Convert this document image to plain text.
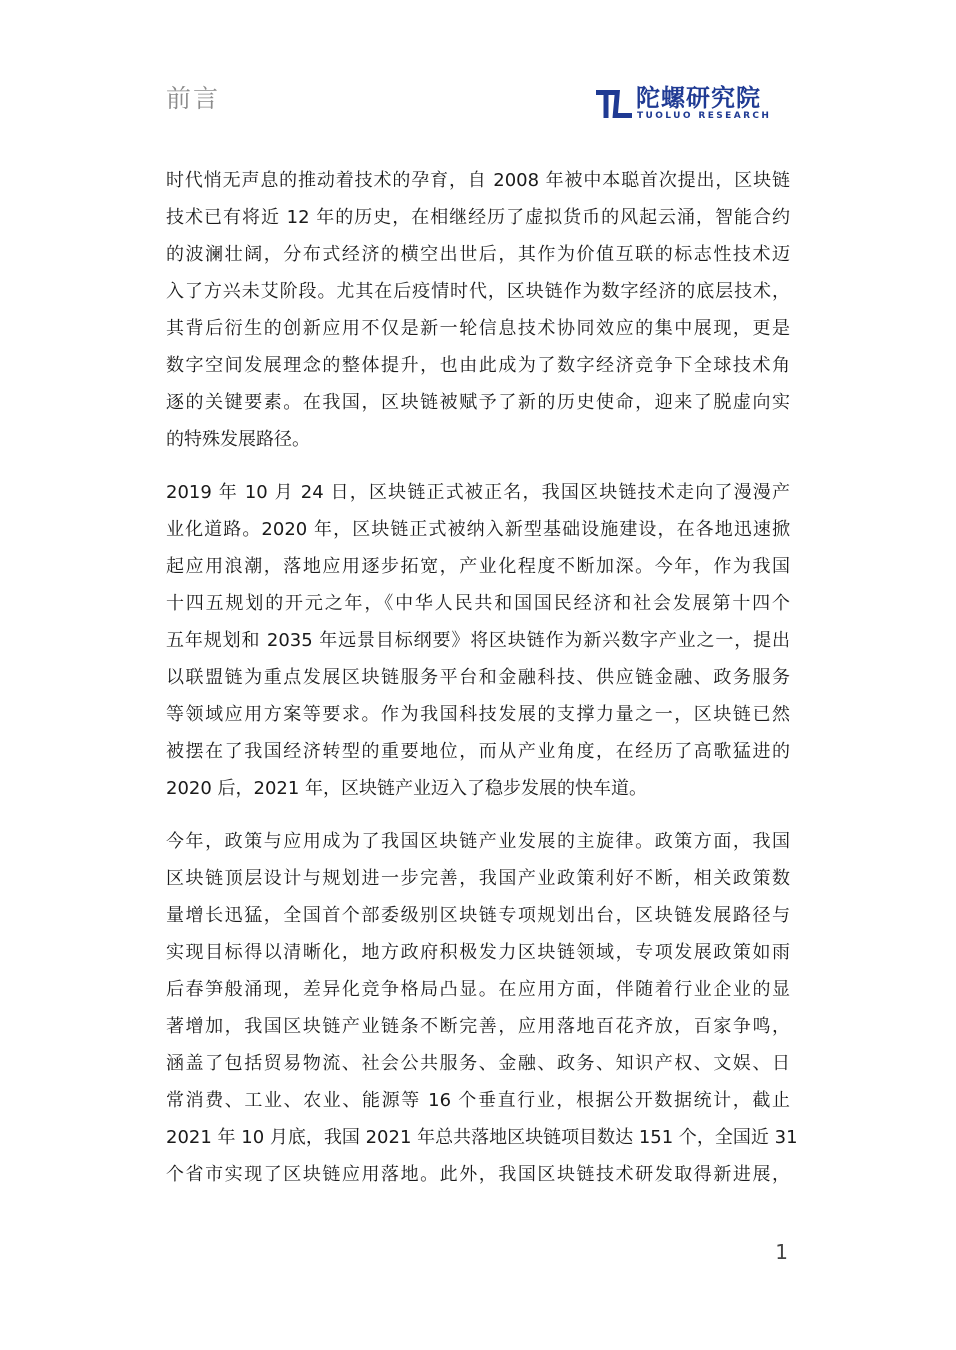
前言	陀螺研究院
TUOLUO RESEARCH

时代悄无声息的推动着技术的孕育，自 2008 年被中本聪首次提出，区块链
技术已有将近 12 年的历史，在相继经历了虚拟货币的风起云涌，智能合约
的波澜壮阔，分布式经济的横空出世后，其作为价值互联的标志性技术迈
入了方兴未艾阶段。尤其在后疫情时代，区块链作为数字经济的底层技术，
其背后衍生的创新应用不仅是新一轮信息技术协同效应的集中展现，更是
数字空间发展理念的整体提升，也由此成为了数字经济竞争下全球技术角
逐的关键要素。在我国，区块链被赋予了新的历史使命，迎来了脱虚向实
的特殊发展路径。

2019 年 10 月 24 日，区块链正式被正名，我国区块链技术走向了漫漫产
业化道路。2020 年，区块链正式被纳入新型基础设施建设，在各地迅速掀
起应用浪潮，落地应用逐步拓宽，产业化程度不断加深。今年，作为我国
十四五规划的开元之年，《中华人民共和国国民经济和社会发展第十四个
五年规划和 2035 年远景目标纲要》将区块链作为新兴数字产业之一，提出
以联盟链为重点发展区块链服务平台和金融科技、供应链金融、政务服务
等领域应用方案等要求。作为我国科技发展的支撑力量之一，区块链已然
被摆在了我国经济转型的重要地位，而从产业角度，在经历了高歌猛进的
2020 后，2021 年，区块链产业迈入了稳步发展的快车道。

今年，政策与应用成为了我国区块链产业发展的主旋律。政策方面，我国
区块链顶层设计与规划进一步完善，我国产业政策利好不断，相关政策数
量增长迅猛，全国首个部委级别区块链专项规划出台，区块链发展路径与
实现目标得以清晰化，地方政府积极发力区块链领域，专项发展政策如雨
后春笋般涌现，差异化竞争格局凸显。在应用方面，伴随着行业企业的显
著增加，我国区块链产业链条不断完善，应用落地百花齐放，百家争鸣，
涵盖了包括贸易物流、社会公共服务、金融、政务、知识产权、文娱、日
常消费、工业、农业、能源等 16 个垂直行业，根据公开数据统计，截止
2021 年 10 月底，我国 2021 年总共落地区块链项目数达 151 个，全国近 31
个省市实现了区块链应用落地。此外，我国区块链技术研发取得新进展，

1
